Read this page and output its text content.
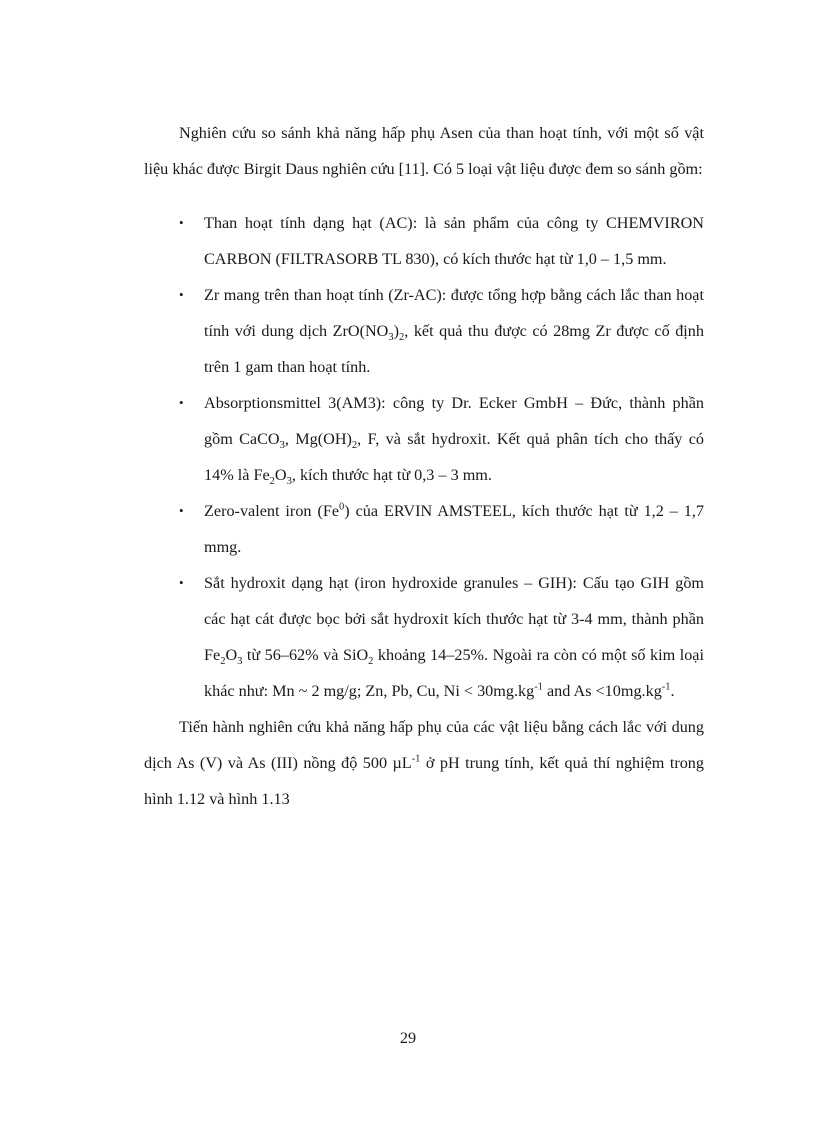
Nghiên cứu so sánh khả năng hấp phụ Asen của than hoạt tính, với một số vật liệu khác được Birgit Daus nghiên cứu [11]. Có 5 loại vật liệu được đem so sánh gồm:

• Than hoạt tính dạng hạt (AC): là sản phẩm của công ty CHEMVIRON CARBON (FILTRASORB TL 830), có kích thước hạt từ 1,0 – 1,5 mm.
• Zr mang trên than hoạt tính (Zr-AC): được tổng hợp bằng cách lắc than hoạt tính với dung dịch $ZrO(NO_3)_2$, kết quả thu được có 28mg Zr được cố định trên 1 gam than hoạt tính.
• Absorptionsmittel 3(AM3): công ty Dr. Ecker GmbH – Đức, thành phần gồm CaCO$_3$, $Mg(OH)_2$, F, và sắt hydroxit. Kết quả phân tích cho thấy có 14% là $Fe_2O_3$, kích thước hạt từ 0,3 – 3 mm.
• Zero-valent iron (Fe$^0$) của ERVIN AMSTEEL, kích thước hạt từ 1,2 – 1,7 mmg.
• Sắt hydroxit dạng hạt (iron hydroxide granules – GIH): Cấu tạo GIH gồm các hạt cát được bọc bởi sắt hydroxit kích thước hạt từ 3-4 mm, thành phần $Fe_2O_3$ từ 56–62% và SiO$_2$ khoảng 14–25%. Ngoài ra còn có một số kim loại khác như: Mn ~ 2 mg/g; Zn, Pb, Cu, $Ni < 30mg.kg^{-1}$ and $As <10mg.kg^{-1}$.

Tiến hành nghiên cứu khả năng hấp phụ của các vật liệu bằng cách lắc với dung dịch As (V) và As (III) nồng độ 500 µL$^{-1}$ ở pH trung tính, kết quả thí nghiệm trong hình 1.12 và hình 1.13

29
